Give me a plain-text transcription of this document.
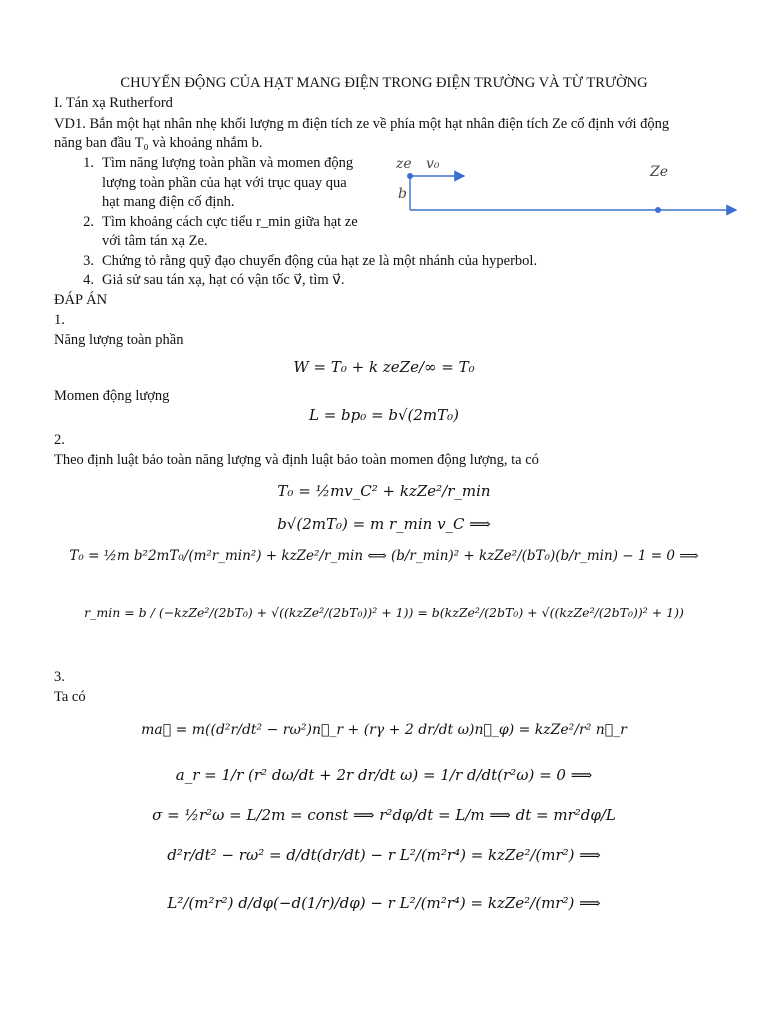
CHUYỂN ĐỘNG CỦA HẠT MANG ĐIỆN TRONG ĐIỆN TRƯỜNG VÀ TỪ TRƯỜNG
I. Tán xạ Rutherford
VD1. Bắn một hạt nhân nhẹ khối lượng m điện tích ze về phía một hạt nhân điện tích Ze cố định với động
năng ban đầu T₀ và khoảng nhắm b.
1. Tìm năng lượng toàn phần và momen động
lượng toàn phần của hạt với trục quay qua
hạt mang điện cố định.
2. Tìm khoảng cách cực tiểu r_min giữa hạt ze
với tâm tán xạ Ze.
3. Chứng tỏ rằng quỹ đạo chuyển động của hạt ze là một nhánh của hyperbol.
4. Giả sử sau tán xạ, hạt có vận tốc v⃗, tìm v⃗.
ze v₀
b
Ze
ĐÁP ÁN
1.
Năng lượng toàn phần
W = T₀ + k zeZe/∞ = T₀
Momen động lượng
L = bp₀ = b√(2mT₀)
2.
Theo định luật bảo toàn năng lượng và định luật bảo toàn momen động lượng, ta có
T₀ = ½mv_C² + kzZe²/r_min
b√(2mT₀) = m r_min v_C ⟹
T₀ = ½m b²2mT₀/(m²r_min²) + kzZe²/r_min ⟺ (b/r_min)² + kzZe²/(bT₀)(b/r_min) − 1 = 0 ⟹
r_min = b / (−kzZe²/(2bT₀) + √((kzZe²/(2bT₀))² + 1)) = b(kzZe²/(2bT₀) + √((kzZe²/(2bT₀))² + 1))
3.
Ta có
ma⃗ = m((d²r/dt² − rω²)n⃗_r + (rγ + 2 dr/dt ω)n⃗_φ) = kzZe²/r² n⃗_r
a_r = 1/r (r² dω/dt + 2r dr/dt ω) = 1/r d/dt(r²ω) = 0 ⟹
σ = ½r²ω = L/2m = const ⟹ r²dφ/dt = L/m ⟹ dt = mr²dφ/L
d²r/dt² − rω² = d/dt(dr/dt) − r L²/(m²r⁴) = kzZe²/(mr²) ⟹
L²/(m²r²) d/dφ(−d(1/r)/dφ) − r L²/(m²r⁴) = kzZe²/(mr²) ⟹
